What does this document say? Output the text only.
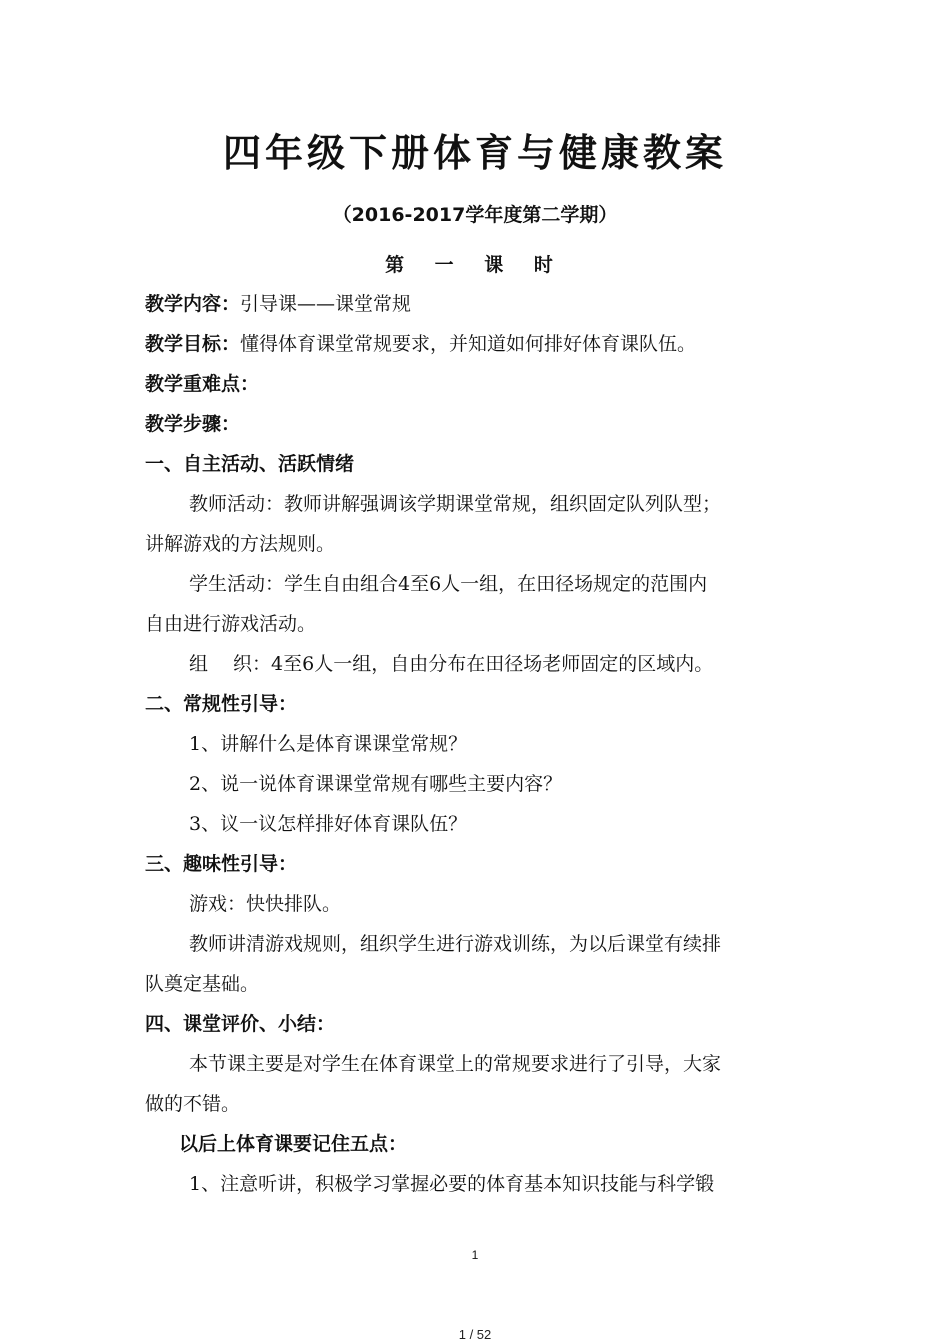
四年级下册体育与健康教案
（2016-2017学年度第二学期）
第 一 课 时
教学内容：引导课——课堂常规
教学目标：懂得体育课堂常规要求，并知道如何排好体育课队伍。
教学重难点：
教学步骤：
一、自主活动、活跃情绪
教师活动：教师讲解强调该学期课堂常规，组织固定队列队型；
讲解游戏的方法规则。
学生活动：学生自由组合4至6人一组，在田径场规定的范围内
自由进行游戏活动。
组　 织：4至6人一组，自由分布在田径场老师固定的区域内。
二、常规性引导：
1、讲解什么是体育课课堂常规？
2、说一说体育课课堂常规有哪些主要内容？
3、议一议怎样排好体育课队伍？
三、趣味性引导：
游戏：快快排队。
教师讲清游戏规则，组织学生进行游戏训练，为以后课堂有续排
队奠定基础。
四、课堂评价、小结：
本节课主要是对学生在体育课堂上的常规要求进行了引导，大家
做的不错。
以后上体育课要记住五点：
1、注意听讲，积极学习掌握必要的体育基本知识技能与科学锻
1
1 / 52
